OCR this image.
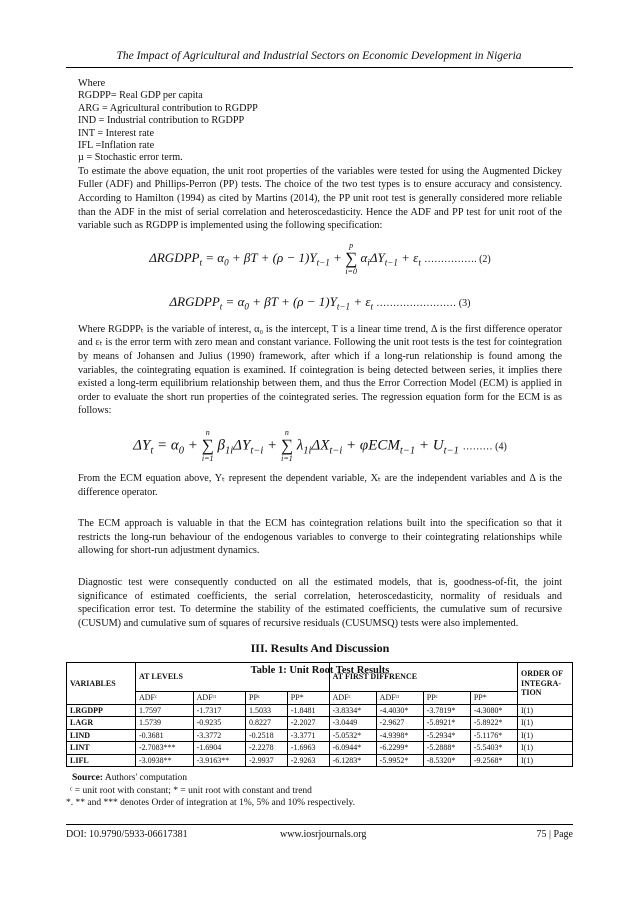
The Impact of Agricultural and Industrial Sectors on Economic Development in Nigeria
Where
RGDPP= Real GDP per capita
ARG = Agricultural contribution to RGDPP
IND = Industrial contribution to RGDPP
INT = Interest rate
IFL =Inflation rate
µ = Stochastic error term.

To estimate the above equation, the unit root properties of the variables were tested for using the Augmented Dickey Fuller (ADF) and Phillips-Perron (PP) tests. The choice of the two test types is to ensure accuracy and consistency. According to Hamilton (1994) as cited by Martins (2014), the PP unit root test is generally considered more reliable than the ADF in the mist of serial correlation and heteroscedasticity. Hence the ADF and PP test for unit root of the variable such as RGDPP is implemented using the following specification:

$\Delta RGDPP_t = \alpha_0 + \beta T + (\rho - 1)Y_{t-1}$ +
p
∑
i=0
$\alpha_i\Delta Y_{t-1} + \varepsilon_t$ ……………. (2)
$\Delta RGDPP_t = \alpha_0 + \beta T + (\rho - 1)Y_{t-1} + \varepsilon_t$ …………………… (3)

Where RGDPPₜ is the variable of interest, α₀ is the intercept, T is a linear time trend, Δ is the first difference operator and εₜ is the error term with zero mean and constant variance. Following the unit root tests is the test for cointegration by means of Johansen and Julius (1990) framework, after which if a long-run relationship is found among the variables, the cointegrating equation is examined. If cointegration is being detected between series, it implies there existed a long-term equilibrium relationship between them, and thus the Error Correction Model (ECM) is applied in order to evaluate the short run properties of the cointegrated series. The regression equation form for the ECM is as follows:

$\Delta Y_t = \alpha_0$ +
n
∑
i=1
$\beta_{1i}\Delta Y_{t-i}$ +
n
∑
i=1
$\lambda_{1i}\Delta X_{t-i} + \varphi ECM_{t-1} + U_{t-1}$ ……… (4)

From the ECM equation above, Yₜ represent the dependent variable, Xₜ are the independent variables and Δ is the difference operator.

The ECM approach is valuable in that the ECM has cointegration relations built into the specification so that it restricts the long-run behaviour of the endogenous variables to converge to their cointegrating relationships while allowing for short-run adjustment dynamics.

Diagnostic test were consequently conducted on all the estimated models, that is, goodness-of-fit, the joint significance of estimated coefficients, the serial correlation, heteroscedasticity, normality of residuals and specification error test. To determine the stability of the estimated coefficients, the cumulative sum of recursive (CUSUM) and cumulative sum of squares of recursive residuals (CUSUMSQ) tests were also implemented.

III. Results And Discussion
Table 1: Unit Root Test Results
VARIABLES	AT LEVELS				AT FIRST DIFFRENCE				ORDER OF INTEGRA-TION
	ADFᶜ	ADFᶜᵗ	PPᶜ	PP*	ADFᶜ	ADFᶜᵗ	PPᶜ	PP*	
LRGDPP	1.7597	-1.7317	1.5033	-1.8481	-3.8334*	-4.4030*	-3.7819*	-4.3080*	I(1)
LAGR	1.5739	-0.9235	0.8227	-2.2027	-3.0449	-2.9627	-5.8921*	-5.8922*	I(1)
LIND	-0.3681	-3.3772	-0.2518	-3.3771	-5.0532*	-4.9398*	-5.2934*	-5.1176*	I(1)
LINT	-2.7083***	-1.6904	-2.2278	-1.6963	-6.0944*	-6.2299*	-5.2888*	-5.5403*	I(1)
LIFL	-3.0938**	-3.9163**	-2.9937	-2.9263	-6.1283*	-5.9952*	-8.5320*	-9.2568*	I(1)
Source: Authors' computation
ᶜ = unit root with constant; * = unit root with constant and trend
*. ** and *** denotes Order of integration at 1%, 5% and 10% respectively.
DOI: 10.9790/5933-06617381	www.iosrjournals.org	75 | Page
